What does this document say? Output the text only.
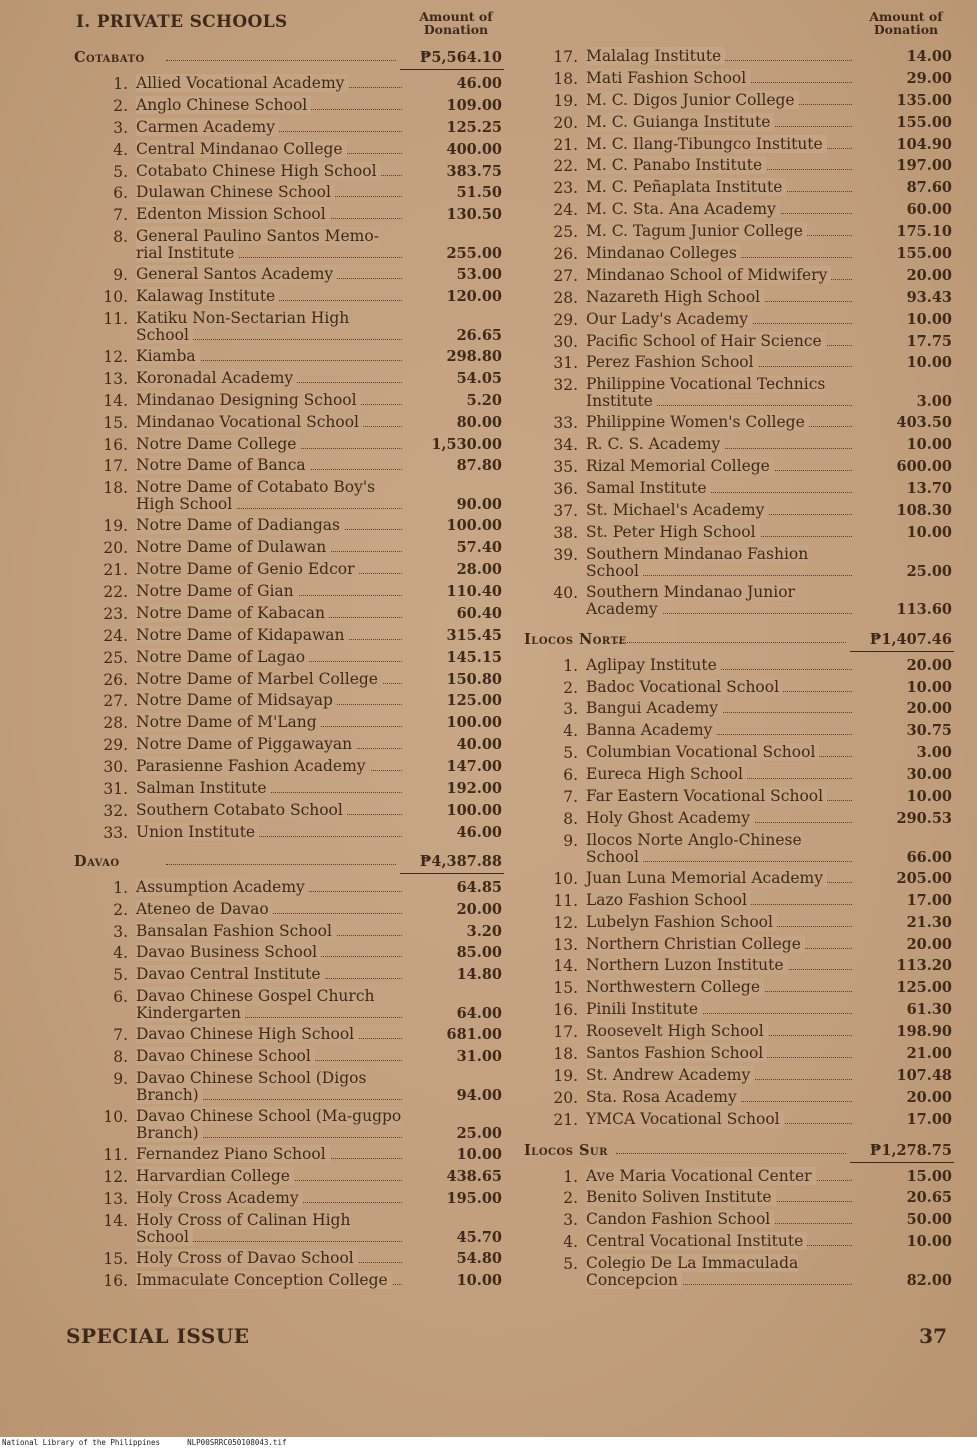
I. PRIVATE SCHOOLS	Amount of
Donation
Cotabato	₱5,564.10
1. Allied Vocational Academy	46.00
2. Anglo Chinese School	109.00
3. Carmen Academy	125.25
4. Central Mindanao College	400.00
5. Cotabato Chinese High School	383.75
6. Dulawan Chinese School	51.50
7. Edenton Mission School	130.50
8. General Paulino Santos Memo-rial Institute	255.00
9. General Santos Academy	53.00
10. Kalawag Institute	120.00
11. Katiku Non-Sectarian High School	26.65
12. Kiamba	298.80
13. Koronadal Academy	54.05
14. Mindanao Designing School	5.20
15. Mindanao Vocational School	80.00
16. Notre Dame College	1,530.00
17. Notre Dame of Banca	87.80
18. Notre Dame of Cotabato Boy's High School	90.00
19. Notre Dame of Dadiangas	100.00
20. Notre Dame of Dulawan	57.40
21. Notre Dame of Genio Edcor	28.00
22. Notre Dame of Gian	110.40
23. Notre Dame of Kabacan	60.40
24. Notre Dame of Kidapawan	315.45
25. Notre Dame of Lagao	145.15
26. Notre Dame of Marbel College	150.80
27. Notre Dame of Midsayap	125.00
28. Notre Dame of M'Lang	100.00
29. Notre Dame of Piggawayan	40.00
30. Parasienne Fashion Academy	147.00
31. Salman Institute	192.00
32. Southern Cotabato School	100.00
33. Union Institute	46.00
Davao	₱4,387.88
1. Assumption Academy	64.85
2. Ateneo de Davao	20.00
3. Bansalan Fashion School	3.20
4. Davao Business School	85.00
5. Davao Central Institute	14.80
6. Davao Chinese Gospel Church Kindergarten	64.00
7. Davao Chinese High School	681.00
8. Davao Chinese School	31.00
9. Davao Chinese School (Digos Branch)	94.00
10. Davao Chinese School (Ma-gugpo Branch)	25.00
11. Fernandez Piano School	10.00
12. Harvardian College	438.65
13. Holy Cross Academy	195.00
14. Holy Cross of Calinan High School	45.70
15. Holy Cross of Davao School	54.80
16. Immaculate Conception College	10.00
Amount of
Donation
17. Malalag Institute	14.00
18. Mati Fashion School	29.00
19. M. C. Digos Junior College	135.00
20. M. C. Guianga Institute	155.00
21. M. C. Ilang-Tibungco Institute	104.90
22. M. C. Panabo Institute	197.00
23. M. C. Peñaplata Institute	87.60
24. M. C. Sta. Ana Academy	60.00
25. M. C. Tagum Junior College	175.10
26. Mindanao Colleges	155.00
27. Mindanao School of Midwifery	20.00
28. Nazareth High School	93.43
29. Our Lady's Academy	10.00
30. Pacific School of Hair Science	17.75
31. Perez Fashion School	10.00
32. Philippine Vocational Technics Institute	3.00
33. Philippine Women's College	403.50
34. R. C. S. Academy	10.00
35. Rizal Memorial College	600.00
36. Samal Institute	13.70
37. St. Michael's Academy	108.30
38. St. Peter High School	10.00
39. Southern Mindanao Fashion School	25.00
40. Southern Mindanao Junior Academy	113.60
Ilocos Norte	₱1,407.46
1. Aglipay Institute	20.00
2. Badoc Vocational School	10.00
3. Bangui Academy	20.00
4. Banna Academy	30.75
5. Columbian Vocational School	3.00
6. Eureca High School	30.00
7. Far Eastern Vocational School	10.00
8. Holy Ghost Academy	290.53
9. Ilocos Norte Anglo-Chinese School	66.00
10. Juan Luna Memorial Academy	205.00
11. Lazo Fashion School	17.00
12. Lubelyn Fashion School	21.30
13. Northern Christian College	20.00
14. Northern Luzon Institute	113.20
15. Northwestern College	125.00
16. Pinili Institute	61.30
17. Roosevelt High School	198.90
18. Santos Fashion School	21.00
19. St. Andrew Academy	107.48
20. Sta. Rosa Academy	20.00
21. YMCA Vocational School	17.00
Ilocos Sur	₱1,278.75
1. Ave Maria Vocational Center	15.00
2. Benito Soliven Institute	20.65
3. Candon Fashion School	50.00
4. Central Vocational Institute	10.00
5. Colegio De La Immaculada Concepcion	82.00
SPECIAL ISSUE	37
National Library of the Philippines      NLP00SRRC050108043.tif
